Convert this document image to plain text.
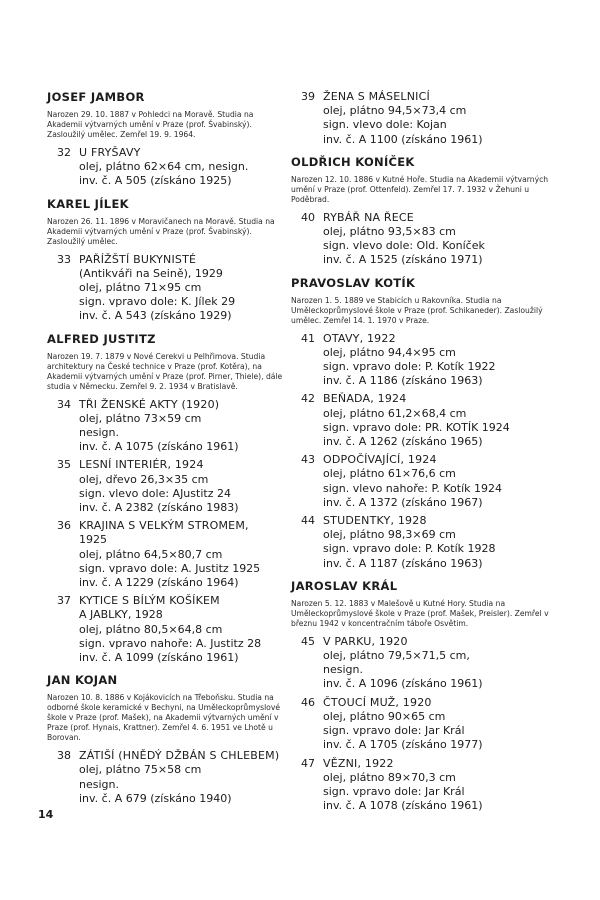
JOSEF JAMBOR

Narozen 29. 10. 1887 v Pohledci na Moravě. Studia na Akademii výtvarných umění v Praze (prof. Švabinský). Zasloužilý umělec. Zemřel 19. 9. 1964.

32 U FRYŠAVY
olej, plátno 62×64 cm, nesign.
inv. č. A 505 (získáno 1925)
KAREL JÍLEK

Narozen 26. 11. 1896 v Moravičanech na Moravě. Studia na Akademii výtvarných umění v Praze (prof. Švabinský). Zasloužilý umělec.

33 PAŘÍŽŠTÍ BUKYNISTÉ
(Antikváři na Seině), 1929
olej, plátno 71×95 cm
sign. vpravo dole: K. Jílek 29
inv. č. A 543 (získáno 1929)
ALFRED JUSTITZ

Narozen 19. 7. 1879 v Nové Cerekvi u Pelhřimova. Studia architektury na České technice v Praze (prof. Kotěra), na Akademii výtvarných umění v Praze (prof. Pirner, Thiele), dále studia v Německu. Zemřel 9. 2. 1934 v Bratislavě.

34 TŘI ŽENSKÉ AKTY (1920)
olej, plátno 73×59 cm
nesign.
inv. č. A 1075 (získáno 1961)
35 LESNÍ INTERIÉR, 1924
olej, dřevo 26,3×35 cm
sign. vlevo dole: AJustitz 24
inv. č. A 2382 (získáno 1983)
36 KRAJINA S VELKÝM STROMEM,
1925
olej, plátno 64,5×80,7 cm
sign. vpravo dole: A. Justitz 1925
inv. č. A 1229 (získáno 1964)
37 KYTICE S BÍLÝM KOŠÍKEM
A JABLKY, 1928
olej, plátno 80,5×64,8 cm
sign. vpravo nahoře: A. Justitz 28
inv. č. A 1099 (získáno 1961)
JAN KOJAN

Narozen 10. 8. 1886 v Kojákovicích na Třeboňsku. Studia na odborné škole keramické v Bechyni, na Uměleckoprůmyslové škole v Praze (prof. Mašek), na Akademii výtvarných umění v Praze (prof. Hynais, Krattner). Zemřel 4. 6. 1951 ve Lhotě u Borovan.

38 ZÁTIŠÍ (HNĚDÝ DŽBÁN S CHLEBEM)
olej, plátno 75×58 cm
nesign.
inv. č. A 679 (získáno 1940)
39 ŽENA S MÁSELNICÍ
olej, plátno 94,5×73,4 cm
sign. vlevo dole: Kojan
inv. č. A 1100 (získáno 1961)
OLDŘICH KONÍČEK

Narozen 12. 10. 1886 v Kutné Hoře. Studia na Akademii výtvarných umění v Praze (prof. Ottenfeld). Zemřel 17. 7. 1932 v Žehuni u Poděbrad.

40 RYBÁŘ NA ŘECE
olej, plátno 93,5×83 cm
sign. vlevo dole: Old. Koníček
inv. č. A 1525 (získáno 1971)
PRAVOSLAV KOTÍK

Narozen 1. 5. 1889 ve Stabicích u Rakovníka. Studia na Uměleckoprůmyslové škole v Praze (prof. Schikaneder). Zasloužilý umělec. Zemřel 14. 1. 1970 v Praze.

41 OTAVY, 1922
olej, plátno 94,4×95 cm
sign. vpravo dole: P. Kotík 1922
inv. č. A 1186 (získáno 1963)
42 BEŇADA, 1924
olej, plátno 61,2×68,4 cm
sign. vpravo dole: PR. KOTÍK 1924
inv. č. A 1262 (získáno 1965)
43 ODPOČÍVAJÍCÍ, 1924
olej, plátno 61×76,6 cm
sign. vlevo nahoře: P. Kotík 1924
inv. č. A 1372 (získáno 1967)
44 STUDENTKY, 1928
olej, plátno 98,3×69 cm
sign. vpravo dole: P. Kotík 1928
inv. č. A 1187 (získáno 1963)
JAROSLAV KRÁL

Narozen 5. 12. 1883 v Malešově u Kutné Hory. Studia na Uměleckoprůmyslové škole v Praze (prof. Mašek, Preisler). Zemřel v březnu 1942 v koncentračním táboře Osvětim.

45 V PARKU, 1920
olej, plátno 79,5×71,5 cm,
nesign.
inv. č. A 1096 (získáno 1961)
46 ČTOUCÍ MUŽ, 1920
olej, plátno 90×65 cm
sign. vpravo dole: Jar Král
inv. č. A 1705 (získáno 1977)
47 VĚZNI, 1922
olej, plátno 89×70,3 cm
sign. vpravo dole: Jar Král
inv. č. A 1078 (získáno 1961)
14
